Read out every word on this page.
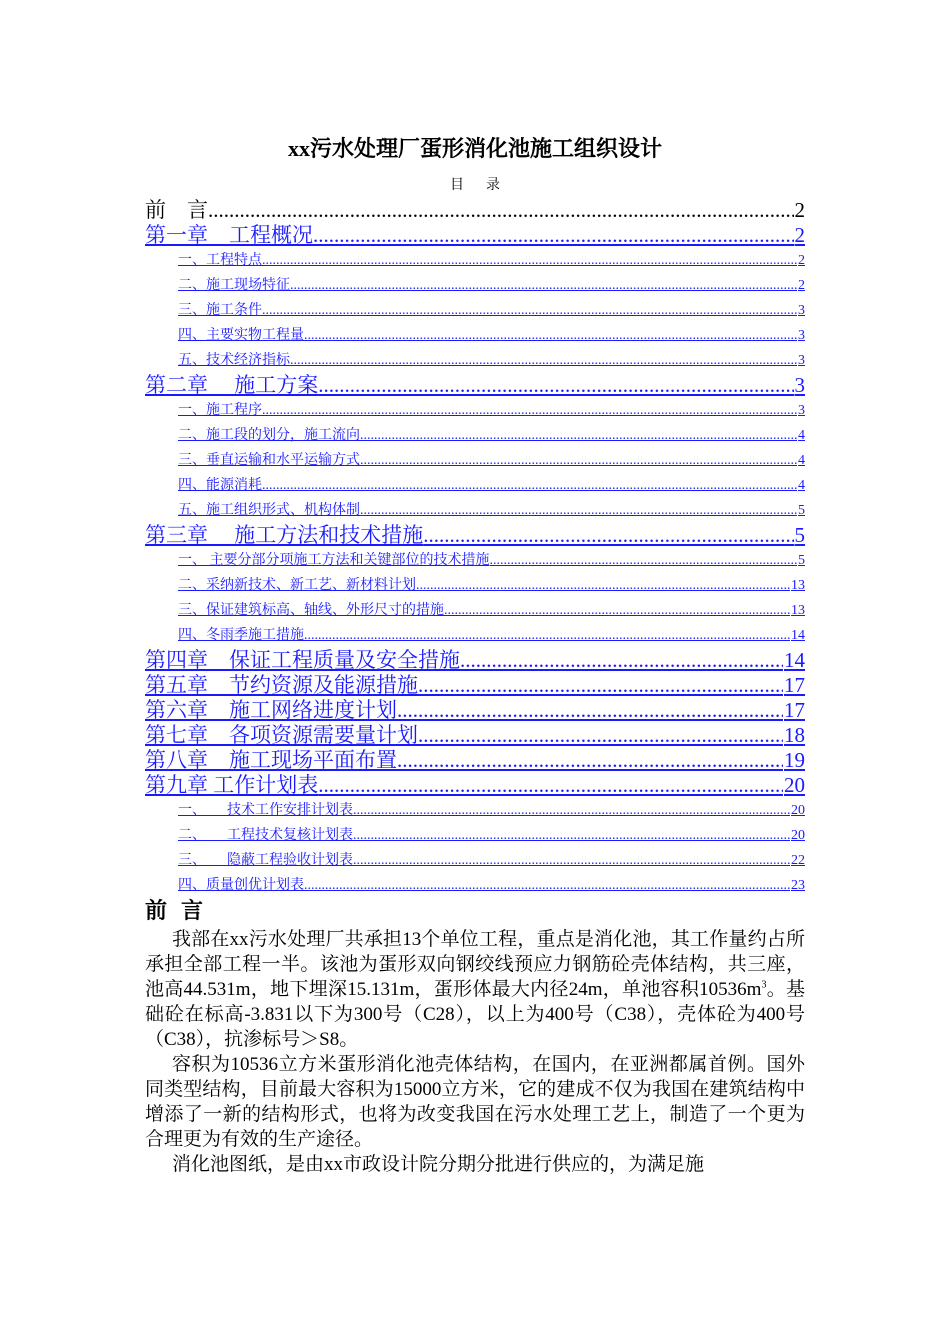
xx污水处理厂蛋形消化池施工组织设计
目录
前　言 .....	2
第一章　工程概况 .....	2
一、工程特点 .....	2
二、施工现场特征 .....	2
三、施工条件 .....	3
四、主要实物工程量 .....	3
五、技术经济指标 .....	3
第二章　 施工方案 .....	3
一、施工程序 .....	3
二、施工段的划分，施工流向 .....	4
三、垂直运输和水平运输方式 .....	4
四、能源消耗 .....	4
五、施工组织形式、机构体制 .....	5
第三章　 施工方法和技术措施 .....	5
一、 主要分部分项施工方法和关键部位的技术措施 .....	5
二、采纳新技术、新工艺、新材料计划 .....	13
三、保证建筑标高、轴线、外形尺寸的措施 .....	13
四、冬雨季施工措施 .....	14
第四章　保证工程质量及安全措施 .....	14
第五章　节约资源及能源措施 .....	17
第六章　施工网络进度计划 .....	17
第七章　各项资源需要量计划 .....	18
第八章　施工现场平面布置 .....	19
第九章 工作计划表 .....	20
一、　　技术工作安排计划表 .....	20
二、　　工程技术复核计划表 .....	20
三、　　隐蔽工程验收计划表 .....	22
四、质量创优计划表 .....	23
前言

我部在xx污水处理厂共承担13个单位工程，重点是消化池，其工作量约占所承担全部工程一半。该池为蛋形双向钢绞线预应力钢筋砼壳体结构，共三座，池高44.531m，地下埋深15.131m，蛋形体最大内径24m，单池容积$10536m^3$。基础砼在标高-3.831以下为300号（C28），以上为400号（C38），壳体砼为400号（C38），抗渗标号＞S8。

容积为10536立方米蛋形消化池壳体结构，在国内，在亚洲都属首例。国外同类型结构，目前最大容积为15000立方米，它的建成不仅为我国在建筑结构中增添了一新的结构形式，也将为改变我国在污水处理工艺上，制造了一个更为合理更为有效的生产途径。

消化池图纸，是由xx市政设计院分期分批进行供应的，为满足施
